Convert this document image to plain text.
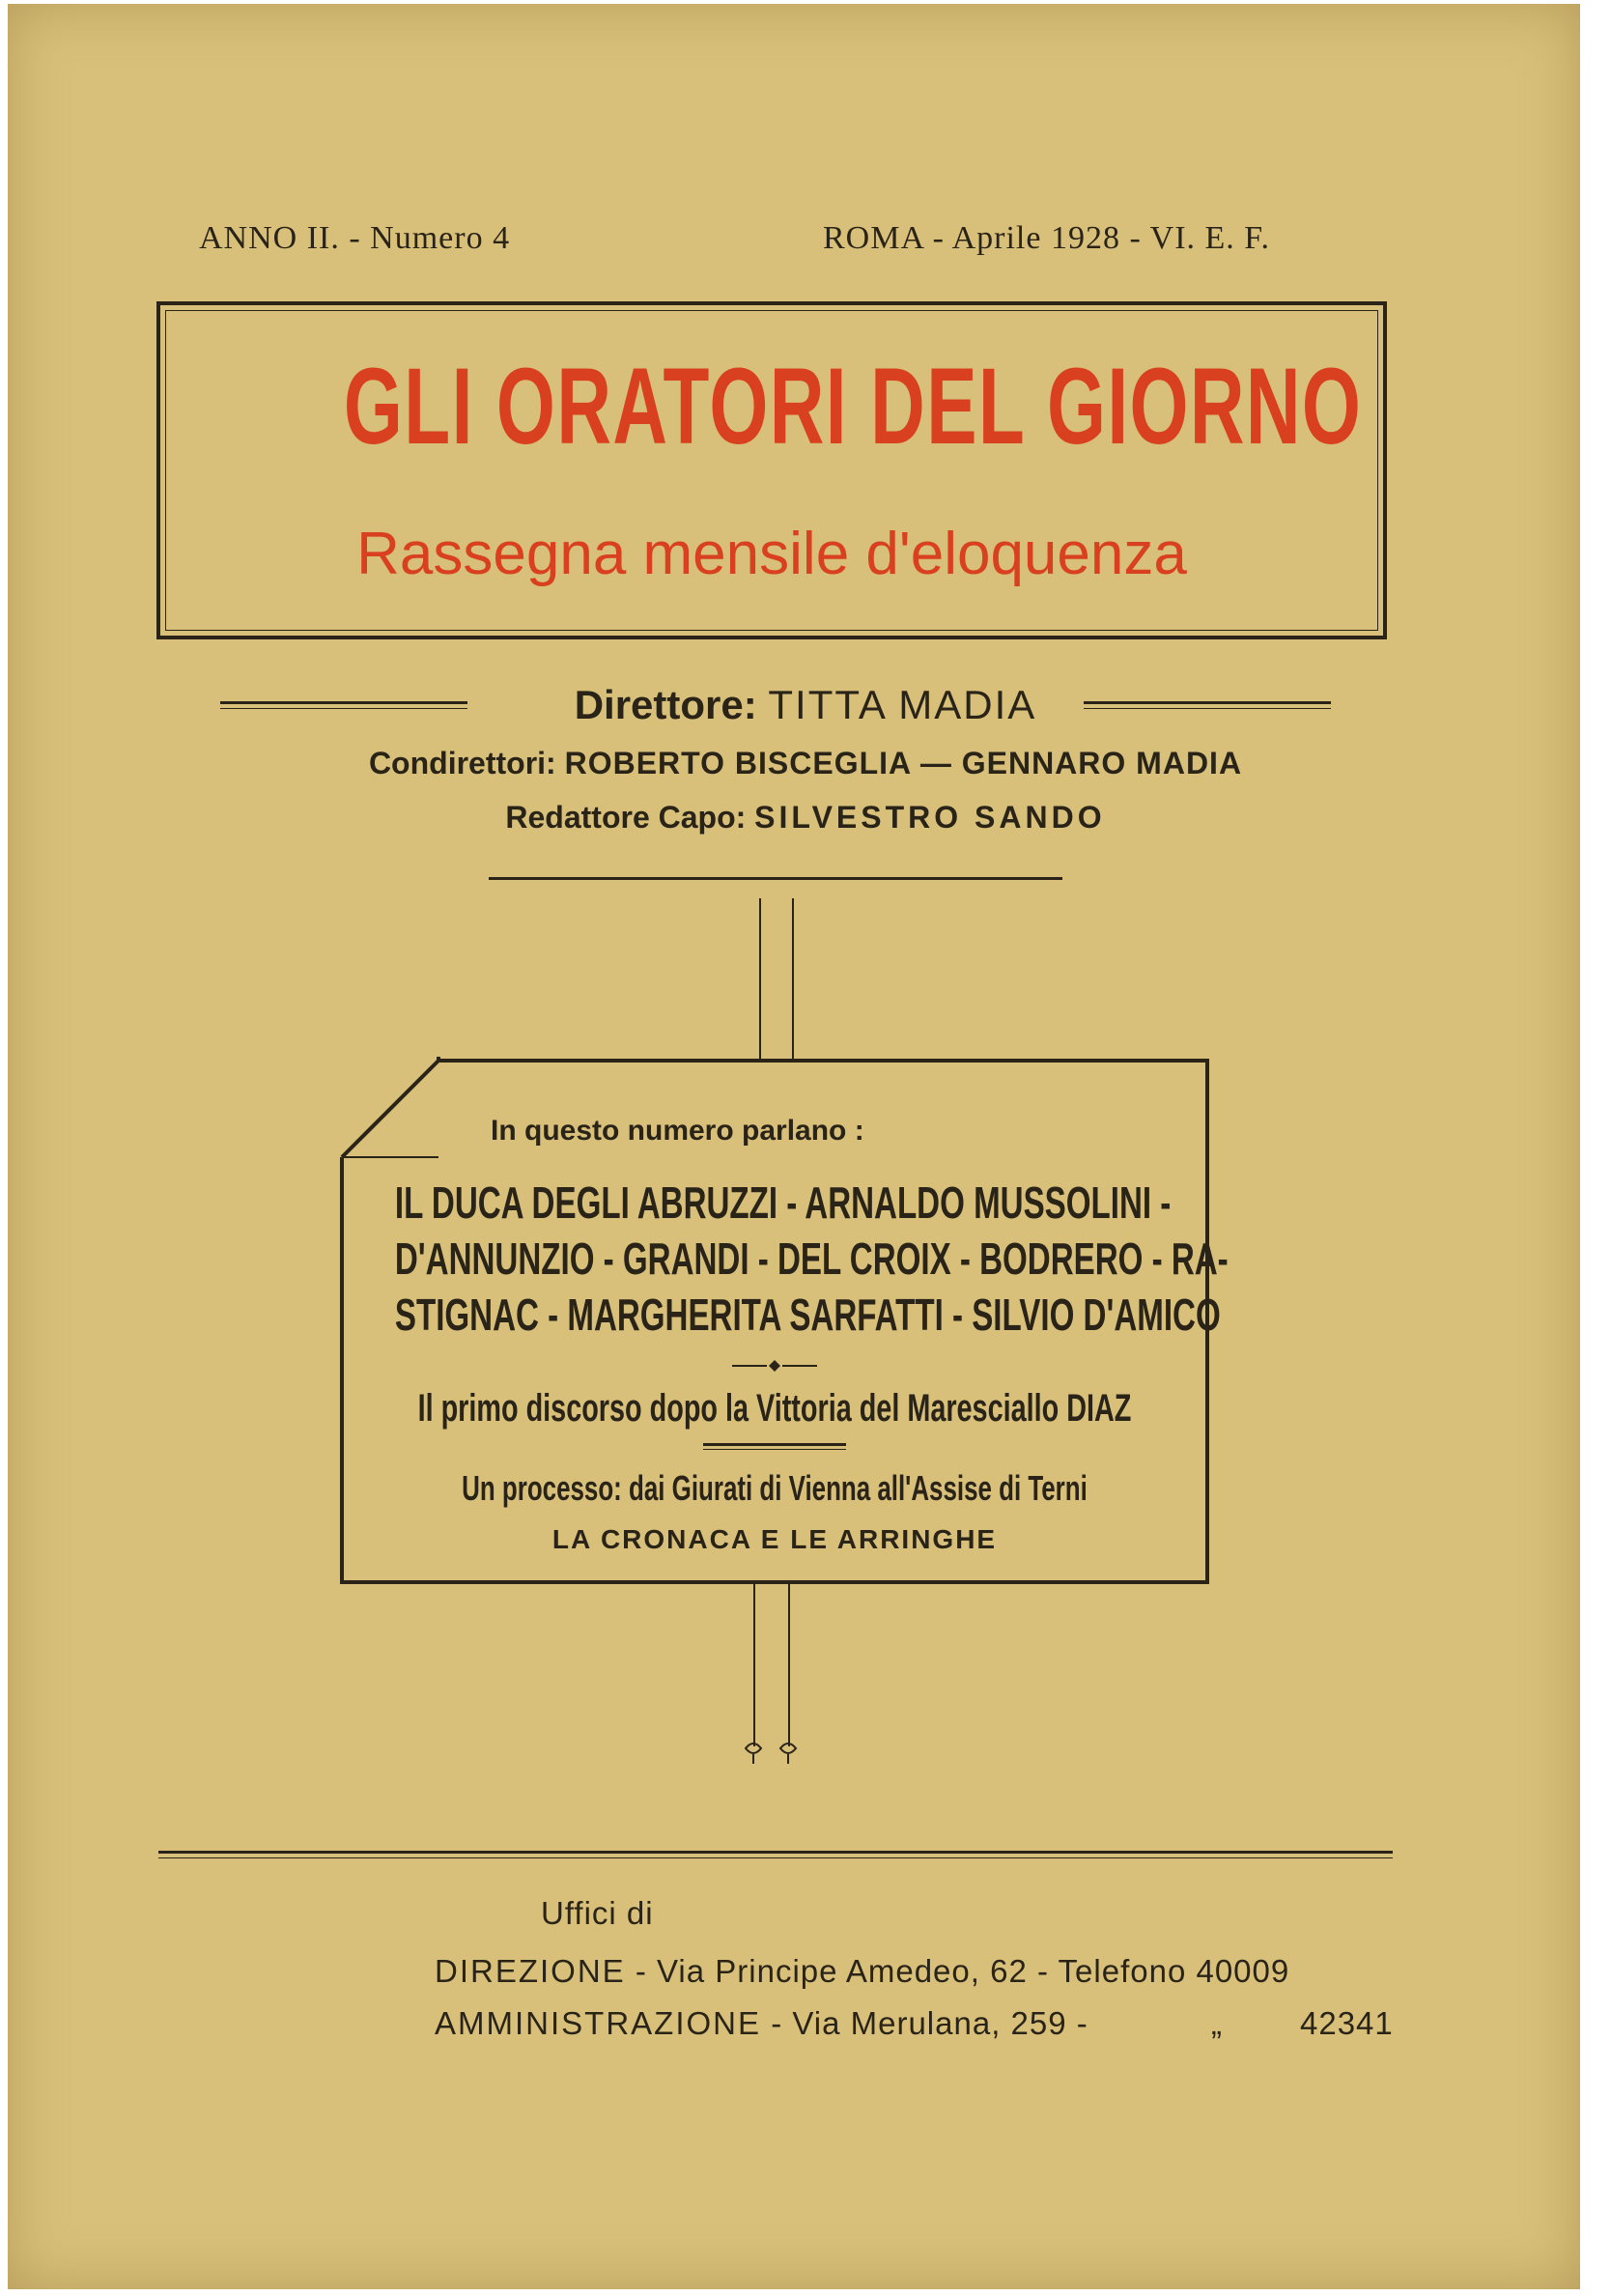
ANNO II. - Numero 4	ROMA - Aprile 1928 - VI. E. F.
GLI ORATORI DEL GIORNO
Rassegna mensile d'eloquenza
Direttore: TITTA MADIA
Condirettori: ROBERTO BISCEGLIA — GENNARO MADIA
Redattore Capo: SILVESTRO SANDO
In questo numero parlano :
IL DUCA DEGLI ABRUZZI - ARNALDO MUSSOLINI -
D'ANNUNZIO - GRANDI - DEL CROIX - BODRERO - RA-
STIGNAC - MARGHERITA SARFATTI - SILVIO D'AMICO
Il primo discorso dopo la Vittoria del Maresciallo DIAZ
Un processo: dai Giurati di Vienna all'Assise di Terni
LA CRONACA E LE ARRINGHE
Uffici di
DIREZIONE - Via Principe Amedeo, 62 - Telefono 40009
AMMINISTRAZIONE - Via Merulana, 259 -	„ 42341
